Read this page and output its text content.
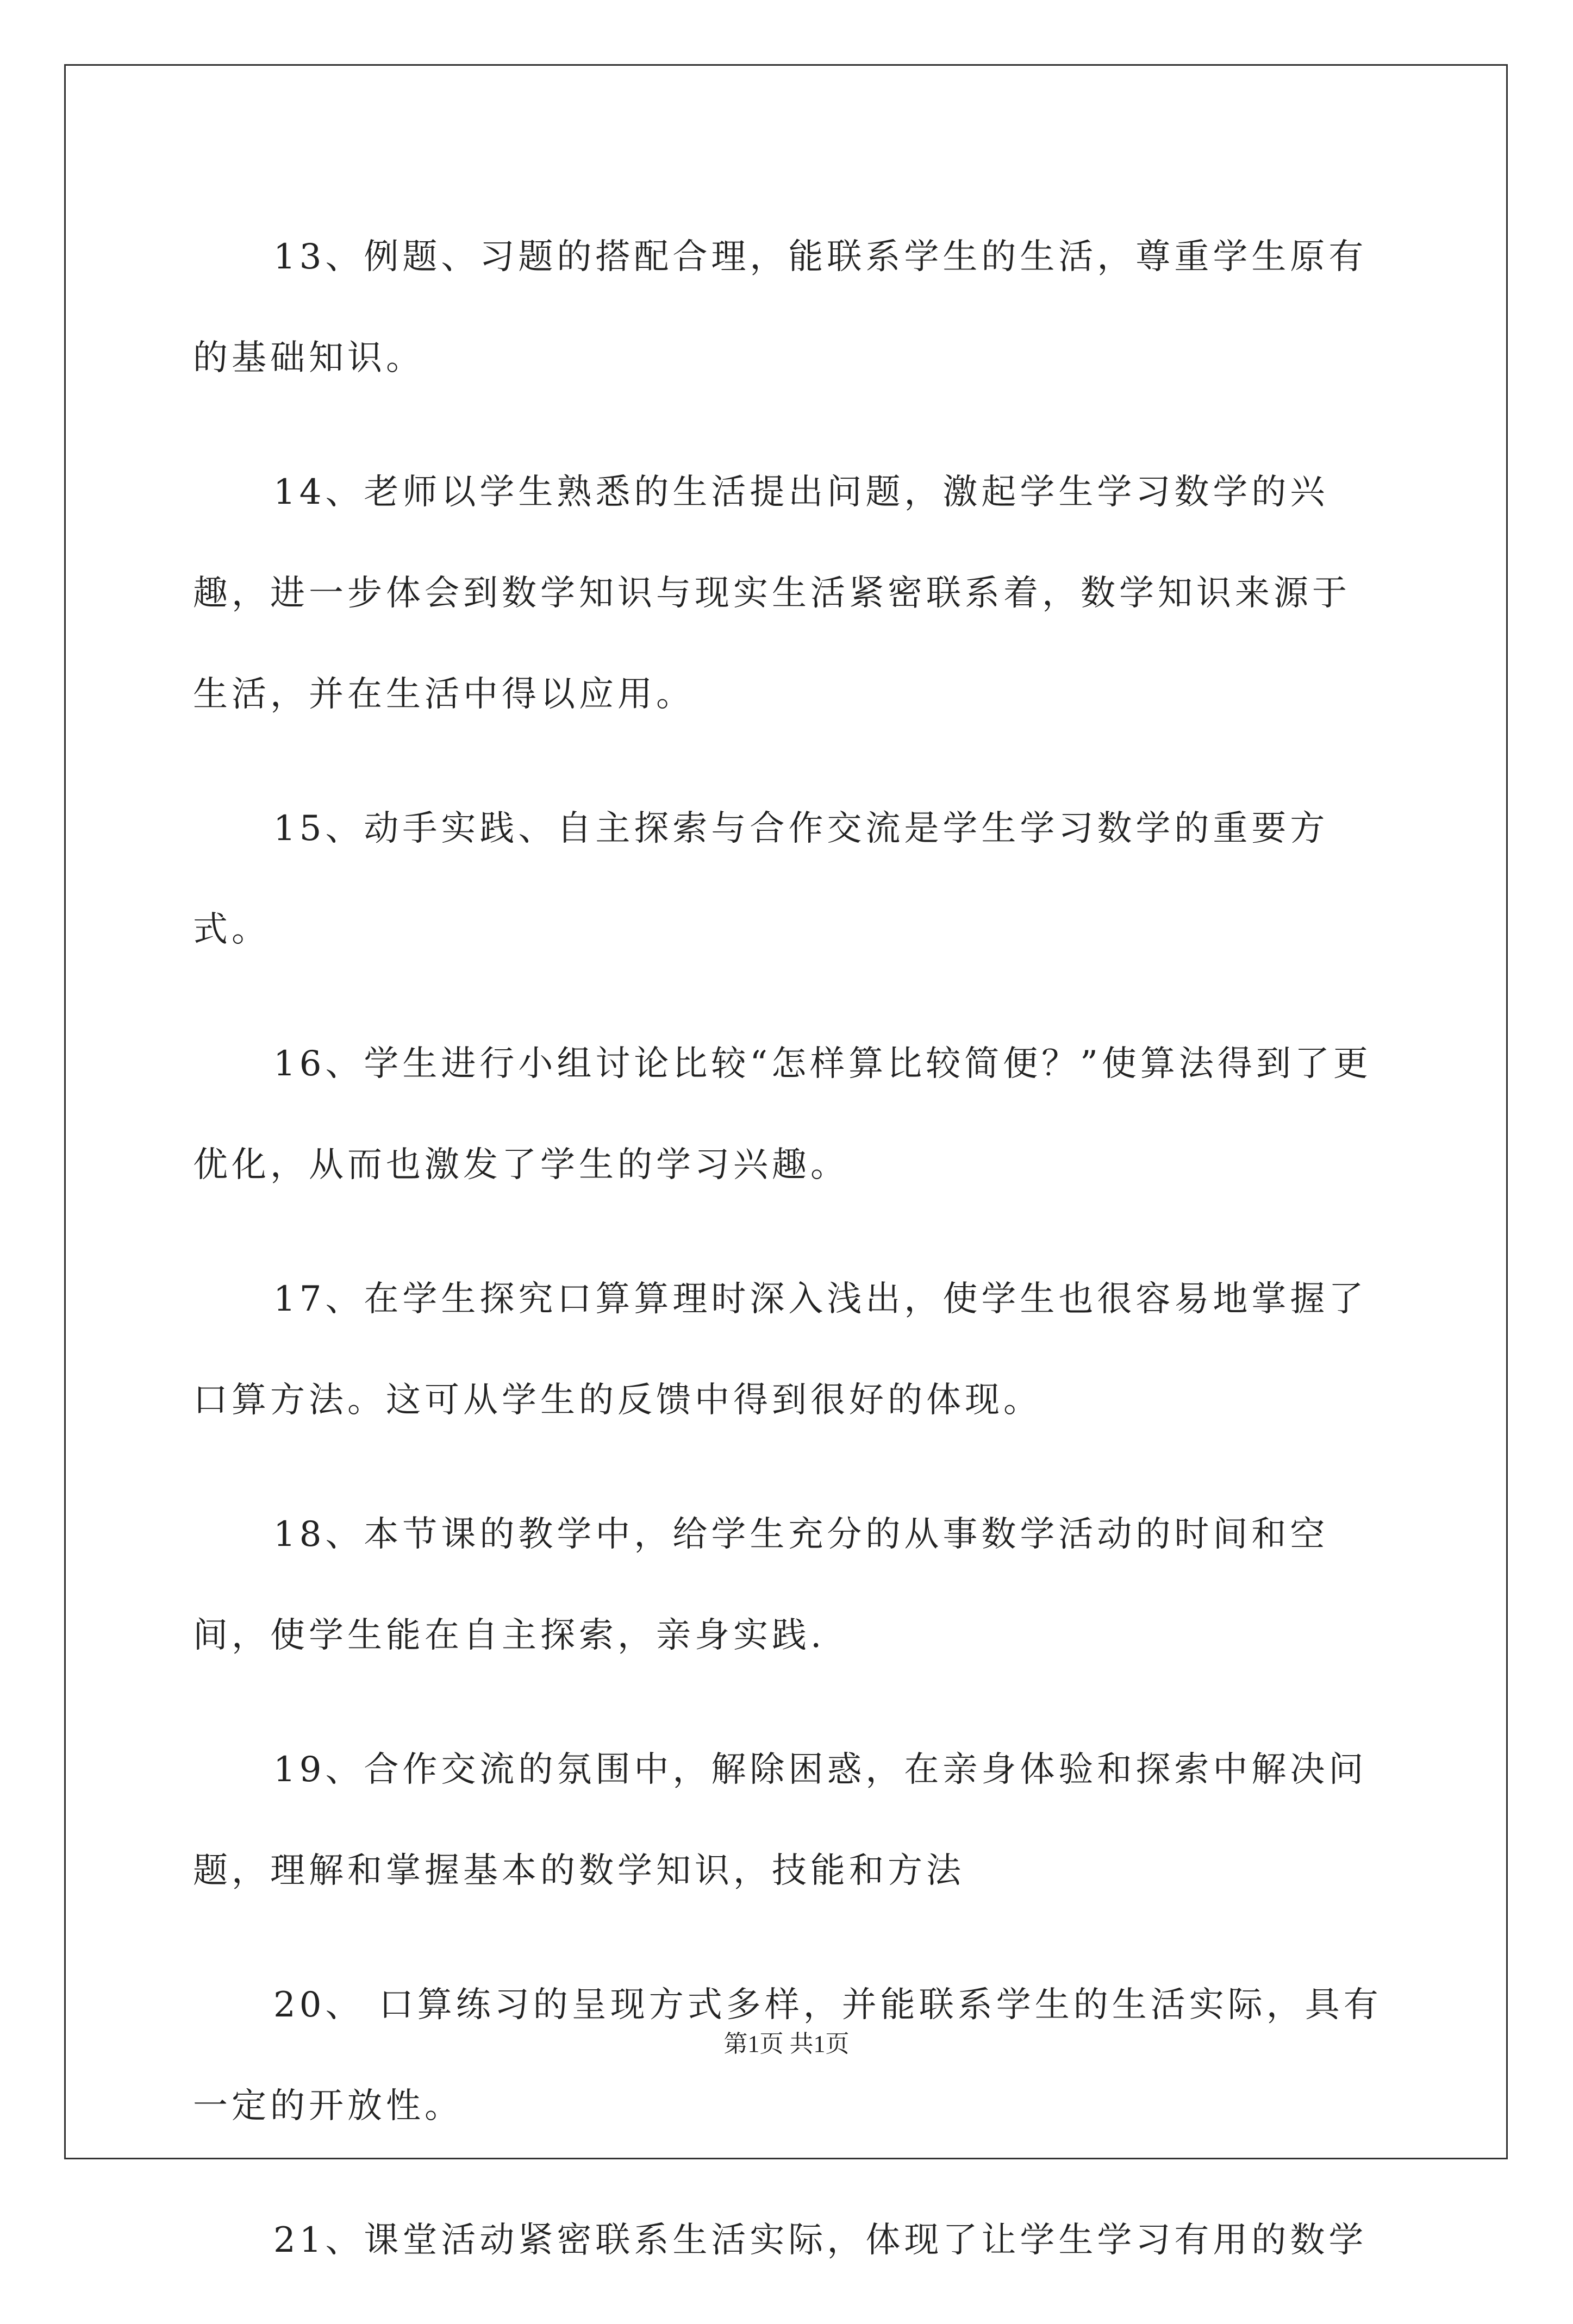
13、例题、习题的搭配合理，能联系学生的生活，尊重学生原有的基础知识。

14、老师以学生熟悉的生活提出问题，激起学生学习数学的兴趣，进一步体会到数学知识与现实生活紧密联系着，数学知识来源于生活，并在生活中得以应用。

15、动手实践、自主探索与合作交流是学生学习数学的重要方式。

16、学生进行小组讨论比较“怎样算比较简便？”使算法得到了更优化，从而也激发了学生的学习兴趣。

17、在学生探究口算算理时深入浅出，使学生也很容易地掌握了口算方法。这可从学生的反馈中得到很好的体现。

18、本节课的教学中，给学生充分的从事数学活动的时间和空间，使学生能在自主探索，亲身实践.

19、合作交流的氛围中，解除困惑，在亲身体验和探索中解决问题，理解和掌握基本的数学知识，技能和方法

20、 口算练习的呈现方式多样，并能联系学生的生活实际，具有一定的开放性。

21、课堂活动紧密联系生活实际，体现了让学生学习有用的数学

第1页 共1页
